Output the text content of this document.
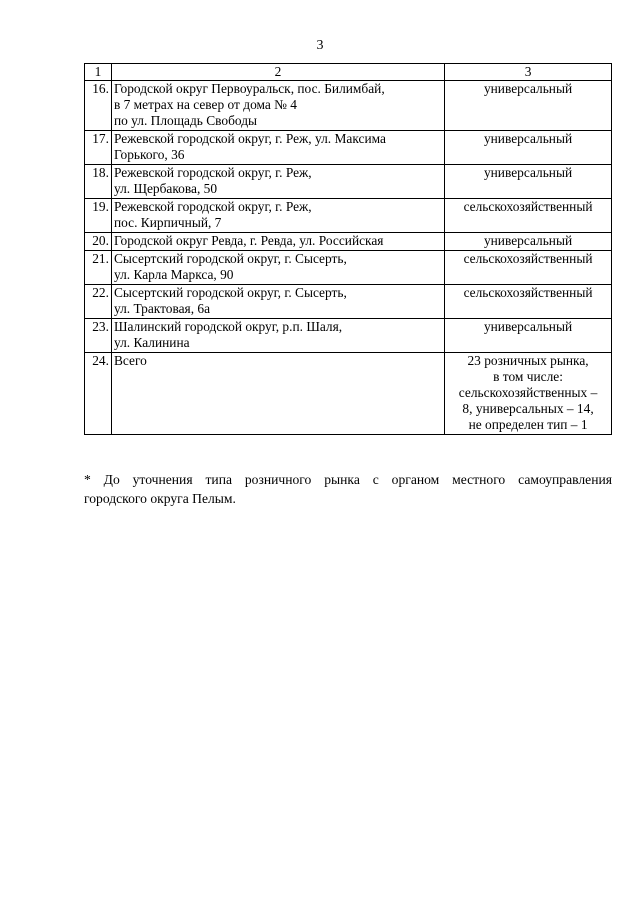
3
1	2	3
16.	Городской округ Первоуральск, пос. Билимбай,
в 7 метрах на север от дома № 4
по ул. Площадь Свободы	универсальный

17.	Режевской городской округ, г. Реж, ул. Максима
Горького, 36	универсальный

18.	Режевской городской округ, г. Реж,
ул. Щербакова, 50	универсальный

19.	Режевской городской округ, г. Реж,
пос. Кирпичный, 7	сельскохозяйственный

20.	Городской округ Ревда, г. Ревда, ул. Российская	универсальный

21.	Сысертский городской округ, г. Сысерть,
ул. Карла Маркса, 90	сельскохозяйственный

22.	Сысертский городской округ, г. Сысерть,
ул. Трактовая, 6а	сельскохозяйственный

23.	Шалинский городской округ, р.п. Шаля,
ул. Калинина	универсальный

24.	Всего	23 розничных рынка,
в том числе:
сельскохозяйственных –
8, универсальных – 14,
не определен тип – 1
* До уточнения типа розничного рынка с органом местного самоуправления
городского округа Пелым.
